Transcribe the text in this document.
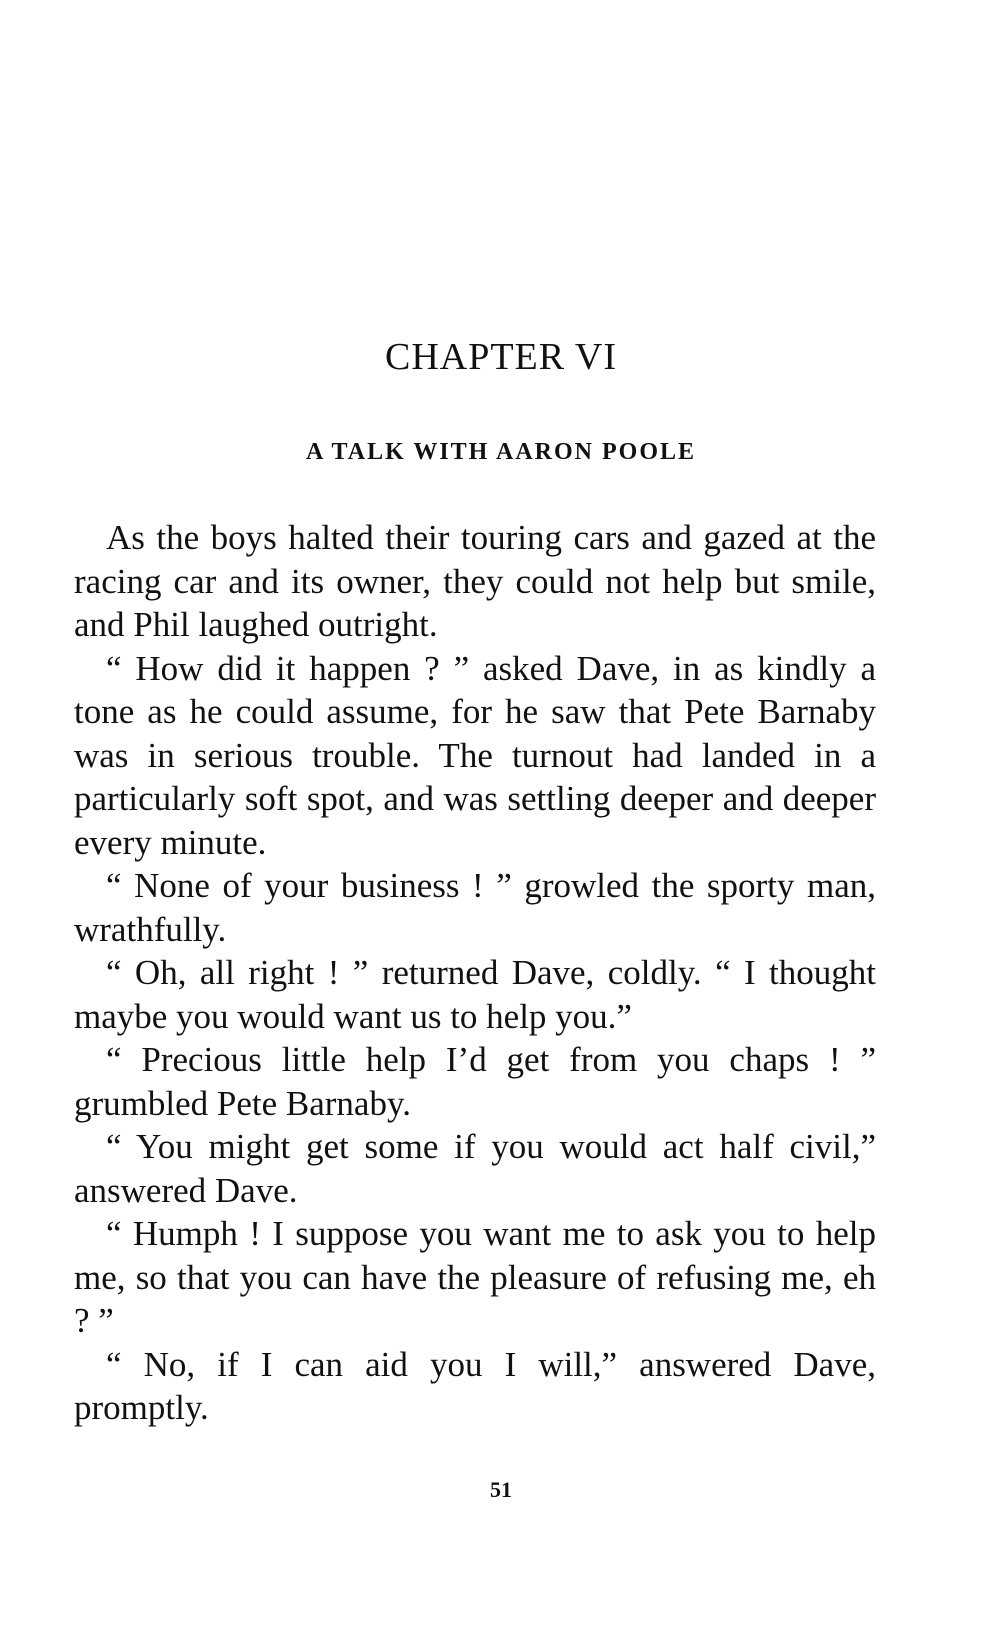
CHAPTER VI
A TALK WITH AARON POOLE

As the boys halted their touring cars and gazed at the racing car and its owner, they could not help but smile, and Phil laughed outright.

“ How did it happen ? ” asked Dave, in as kindly a tone as he could assume, for he saw that Pete Barnaby was in serious trouble. The turnout had landed in a particularly soft spot, and was settling deeper and deeper every minute.

“ None of your business ! ” growled the sporty man, wrathfully.

“ Oh, all right ! ” returned Dave, coldly. “ I thought maybe you would want us to help you.”

“ Precious little help I’d get from you chaps ! ” grumbled Pete Barnaby.

“ You might get some if you would act half civil,” answered Dave.

“ Humph ! I suppose you want me to ask you to help me, so that you can have the pleasure of refusing me, eh ? ”

“ No, if I can aid you I will,” answered Dave, promptly.

51
